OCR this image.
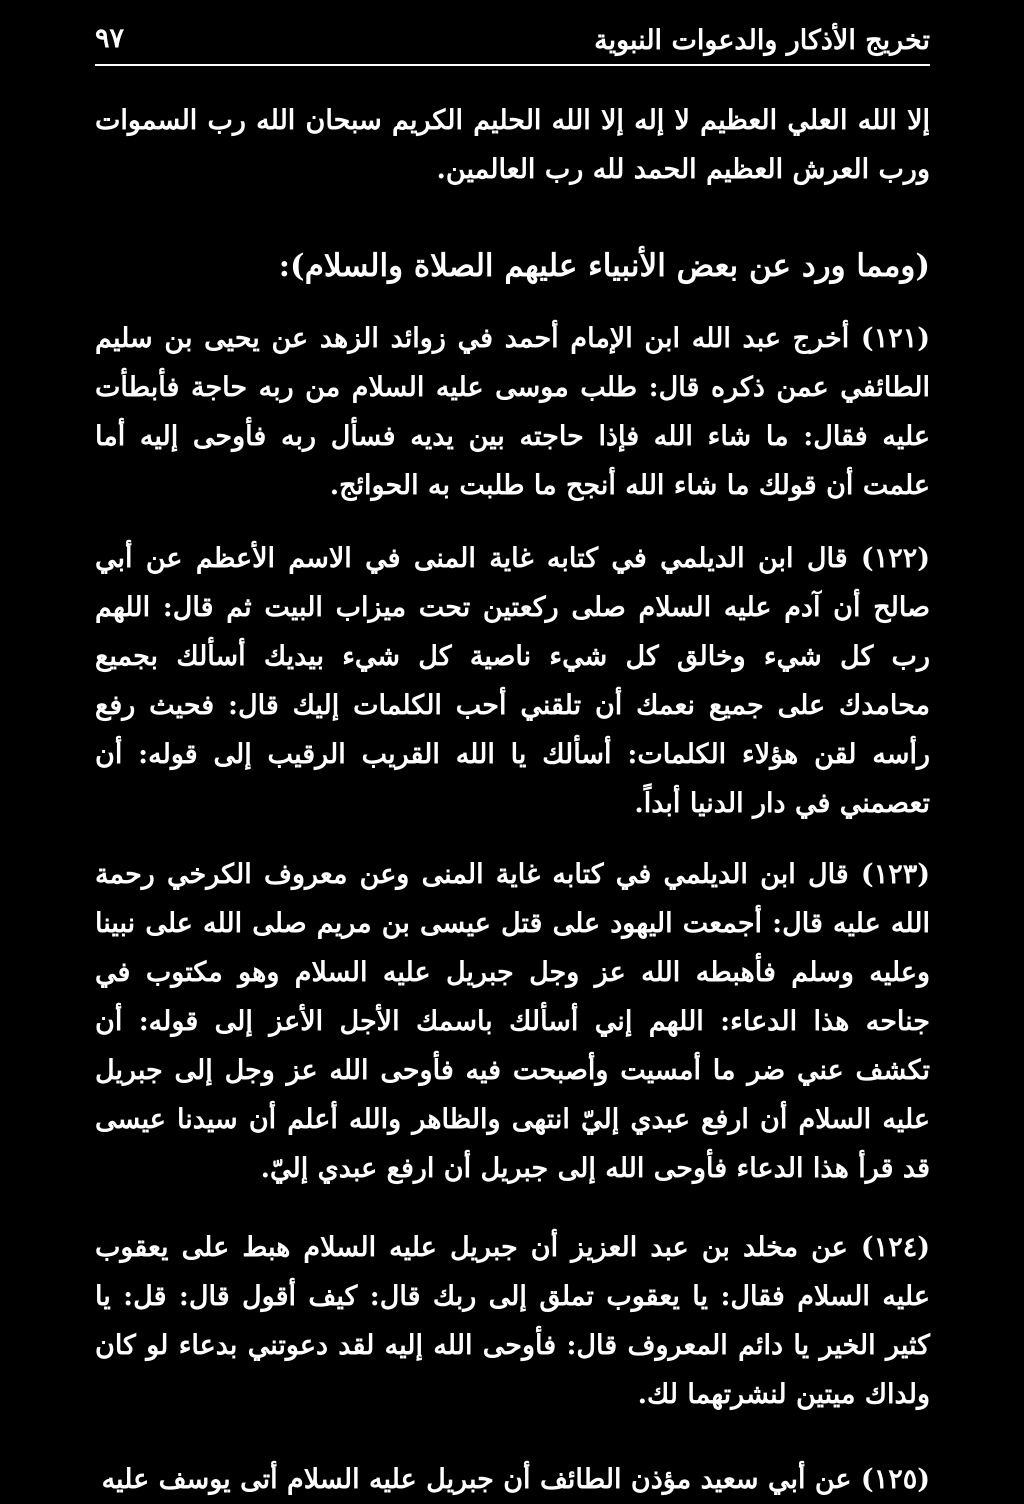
تخريج الأذكار والدعوات النبوية
٩٧

إلا الله العلي العظيم لا إله إلا الله الحليم الكريم سبحان الله رب السموات ورب العرش العظيم الحمد لله رب العالمين.

(ومما ورد عن بعض الأنبياء عليهم الصلاة والسلام):

(١٢١) أخرج عبد الله ابن الإمام أحمد في زوائد الزهد عن يحيى بن سليم الطائفي عمن ذكره قال: طلب موسى عليه السلام من ربه حاجة فأبطأت عليه فقال: ما شاء الله فإذا حاجته بين يديه فسأل ربه فأوحى إليه أما علمت أن قولك ما شاء الله أنجح ما طلبت به الحوائج.

(١٢٢) قال ابن الديلمي في كتابه غاية المنى في الاسم الأعظم عن أبي صالح أن آدم عليه السلام صلى ركعتين تحت ميزاب البيت ثم قال: اللهم رب كل شيء وخالق كل شيء ناصية كل شيء بيديك أسألك بجميع محامدك على جميع نعمك أن تلقني أحب الكلمات إليك قال: فحيث رفع رأسه لقن هؤلاء الكلمات: أسألك يا الله القريب الرقيب إلى قوله: أن تعصمني في دار الدنيا أبداً.

(١٢٣) قال ابن الديلمي في كتابه غاية المنى وعن معروف الكرخي رحمة الله عليه قال: أجمعت اليهود على قتل عيسى بن مريم صلى الله على نبينا وعليه وسلم فأهبطه الله عز وجل جبريل عليه السلام وهو مكتوب في جناحه هذا الدعاء: اللهم إني أسألك باسمك الأجل الأعز إلى قوله: أن تكشف عني ضر ما أمسيت وأصبحت فيه فأوحى الله عز وجل إلى جبريل عليه السلام أن ارفع عبدي إليّ انتهى والظاهر والله أعلم أن سيدنا عيسى قد قرأ هذا الدعاء فأوحى الله إلى جبريل أن ارفع عبدي إليّ.

(١٢٤) عن مخلد بن عبد العزيز أن جبريل عليه السلام هبط على يعقوب عليه السلام فقال: يا يعقوب تملق إلى ربك قال: كيف أقول قال: قل: يا كثير الخير يا دائم المعروف قال: فأوحى الله إليه لقد دعوتني بدعاء لو كان ولداك ميتين لنشرتهما لك.

(١٢٥) عن أبي سعيد مؤذن الطائف أن جبريل عليه السلام أتى يوسف عليه
